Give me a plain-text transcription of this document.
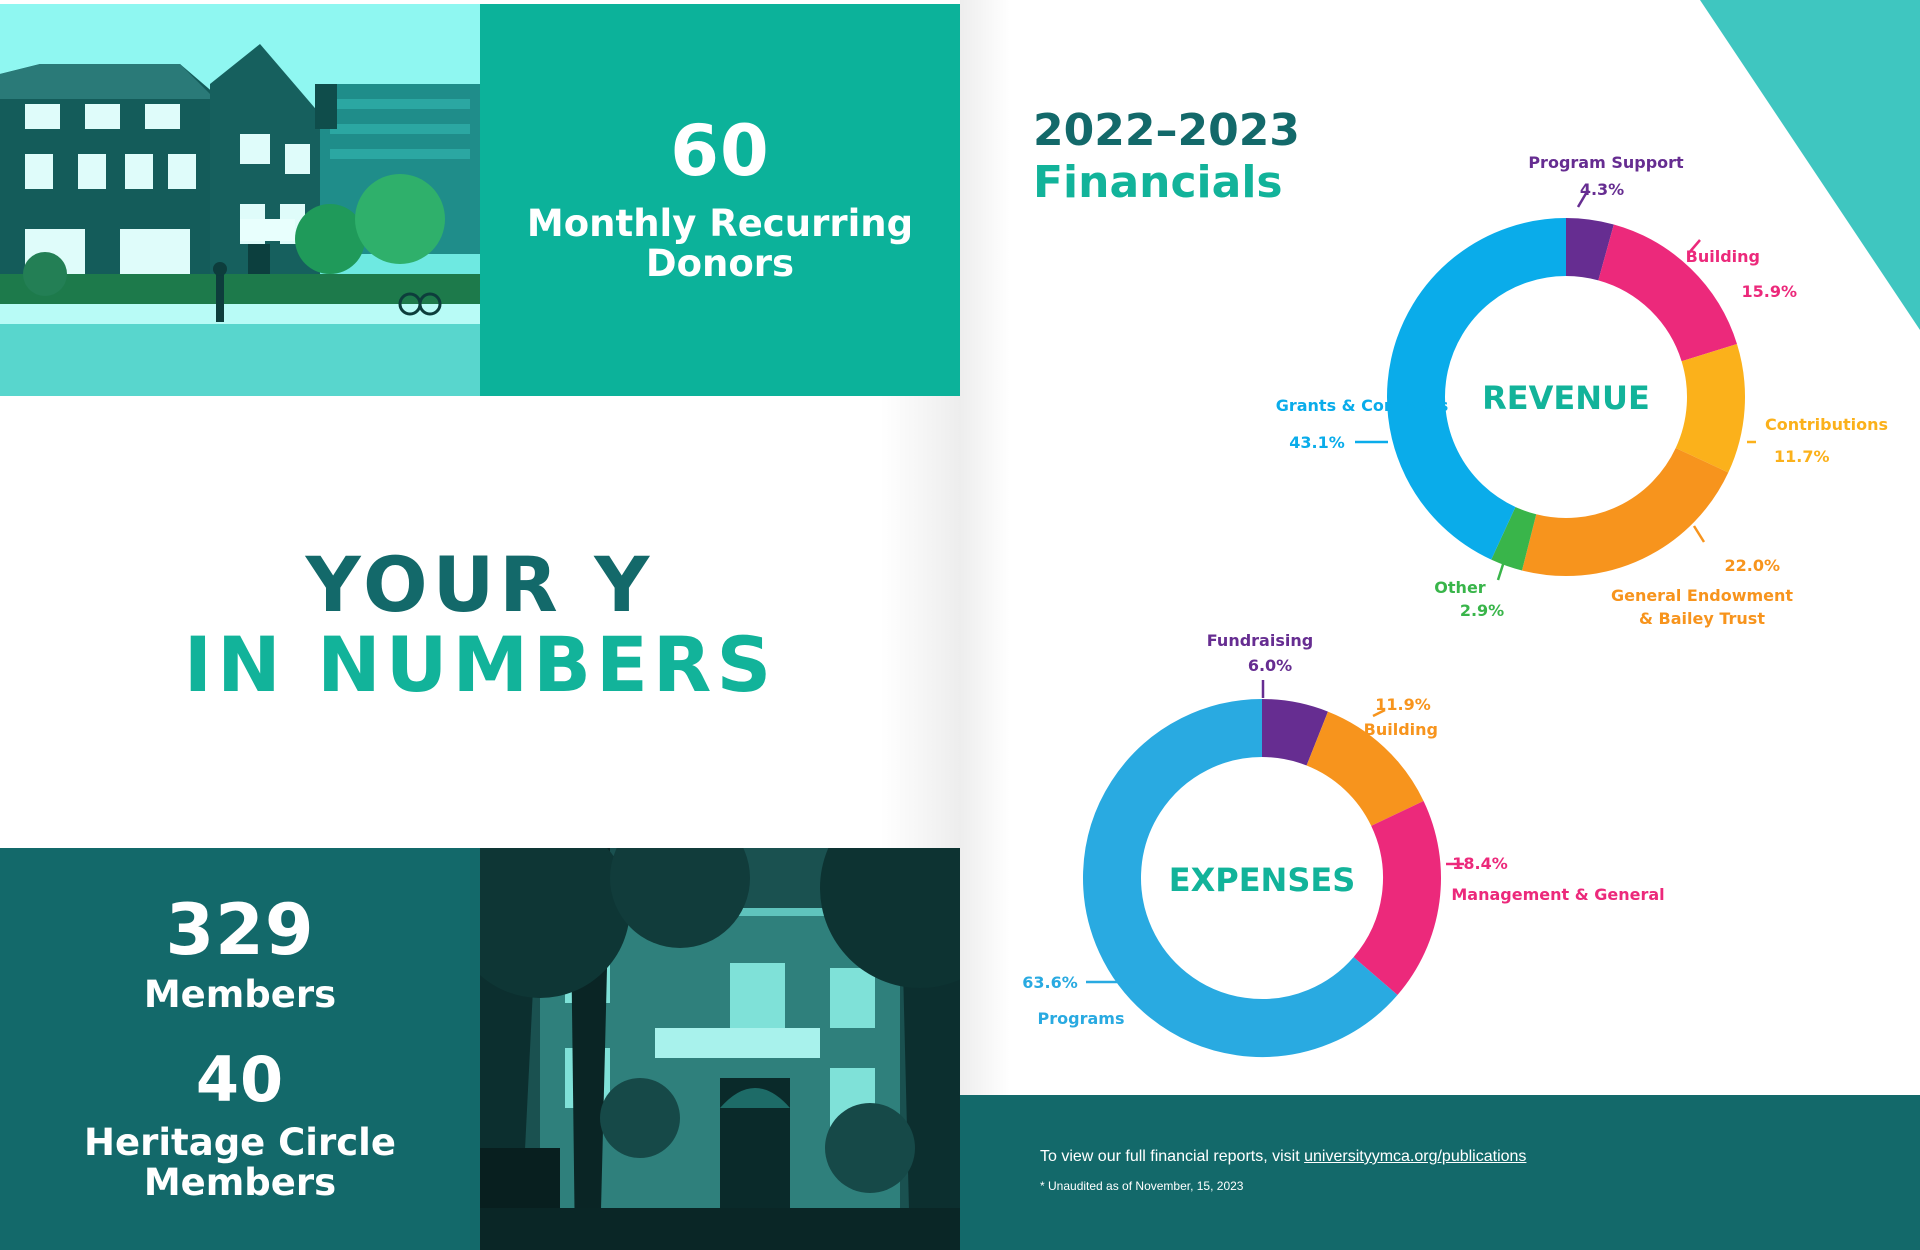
60
Monthly Recurring
Donors
YOUR Y
IN NUMBERS
329
Members
40
Heritage Circle
Members
2022–2023
Financials
REVENUE
Program Support
4.3%
Building
15.9%
Contributions
11.7%
22.0%
General Endowment
& Bailey Trust
Other
2.9%
Grants & Contracts
43.1%
EXPENSES
Fundraising
6.0%
11.9%
Building
18.4%
Management & General
63.6%
Programs
To view our full financial reports, visit universityymca.org/publications
* Unaudited as of November, 15, 2023
